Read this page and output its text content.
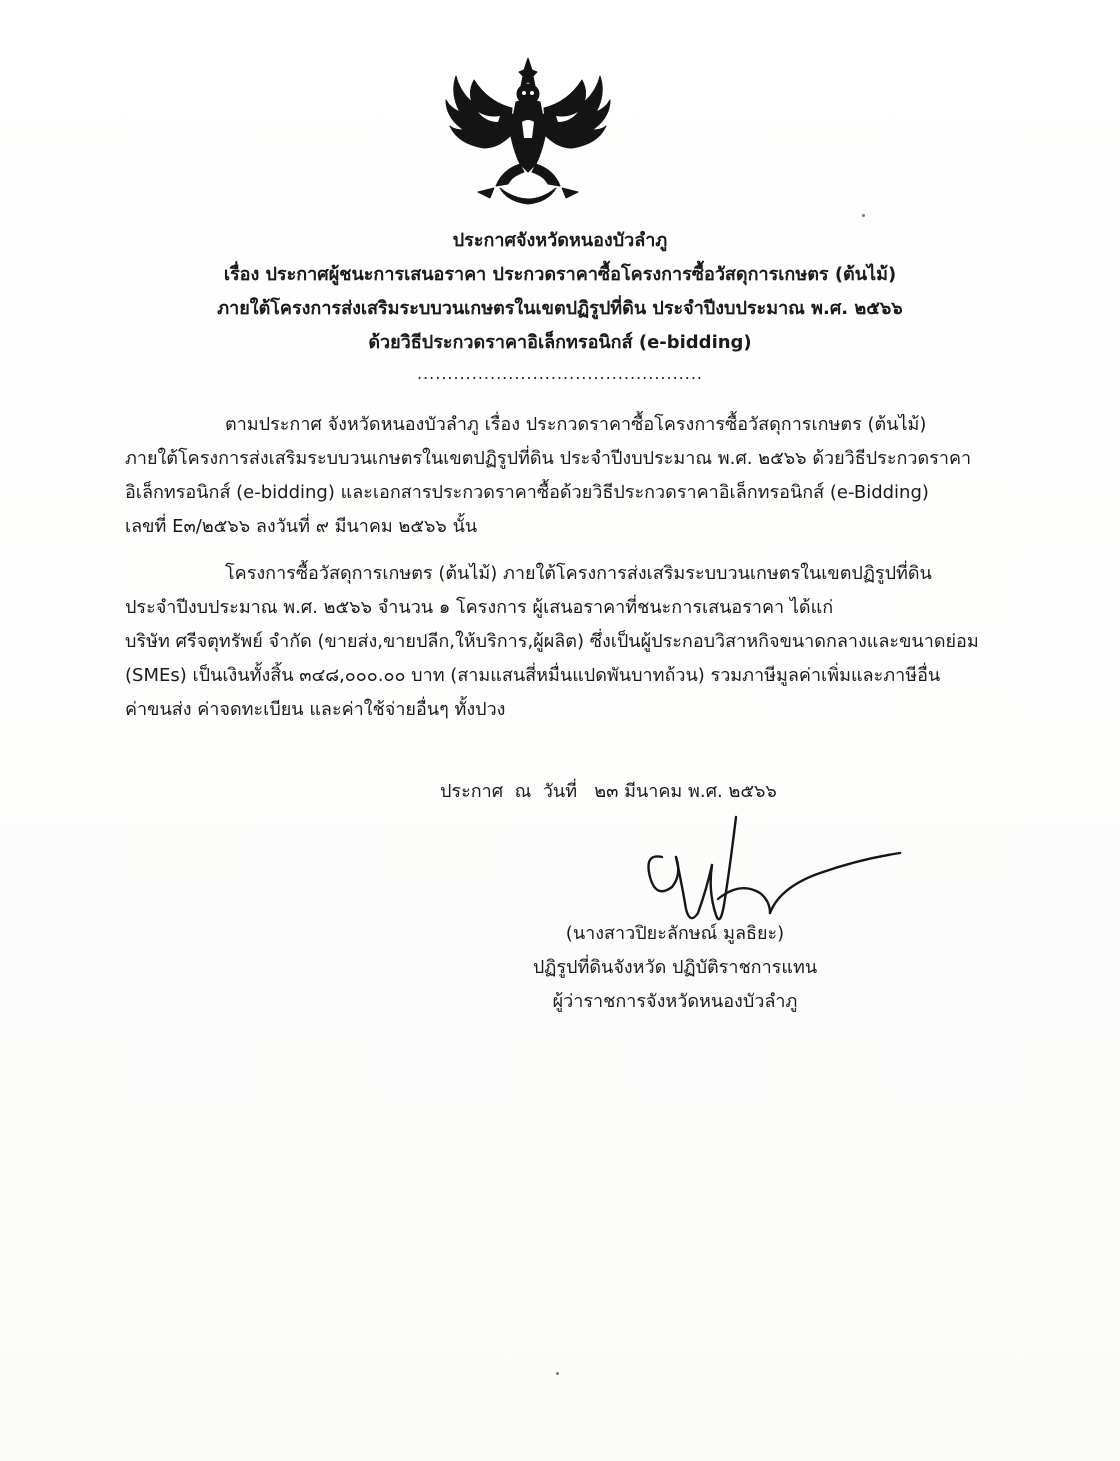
ประกาศจังหวัดหนองบัวลำภู
เรื่อง ประกาศผู้ชนะการเสนอราคา ประกวดราคาซื้อโครงการซื้อวัสดุการเกษตร (ต้นไม้)
ภายใต้โครงการส่งเสริมระบบวนเกษตรในเขตปฏิรูปที่ดิน ประจำปีงบประมาณ พ.ศ. ๒๕๖๖
ด้วยวิธีประกวดราคาอิเล็กทรอนิกส์ (e-bidding)
...............................................
ตามประกาศ จังหวัดหนองบัวลำภู เรื่อง ประกวดราคาซื้อโครงการซื้อวัสดุการเกษตร (ต้นไม้)
ภายใต้โครงการส่งเสริมระบบวนเกษตรในเขตปฏิรูปที่ดิน ประจำปีงบประมาณ พ.ศ. ๒๕๖๖ ด้วยวิธีประกวดราคา
อิเล็กทรอนิกส์ (e-bidding) และเอกสารประกวดราคาซื้อด้วยวิธีประกวดราคาอิเล็กทรอนิกส์ (e-Bidding)
เลขที่ E๓/๒๕๖๖ ลงวันที่ ๙ มีนาคม ๒๕๖๖ นั้น
โครงการซื้อวัสดุการเกษตร (ต้นไม้) ภายใต้โครงการส่งเสริมระบบวนเกษตรในเขตปฏิรูปที่ดิน
ประจำปีงบประมาณ พ.ศ. ๒๕๖๖ จำนวน ๑ โครงการ ผู้เสนอราคาที่ชนะการเสนอราคา ได้แก่
บริษัท ศรีจตุทรัพย์ จำกัด (ขายส่ง,ขายปลีก,ให้บริการ,ผู้ผลิต) ซึ่งเป็นผู้ประกอบวิสาหกิจขนาดกลางและขนาดย่อม
(SMEs) เป็นเงินทั้งสิ้น ๓๔๘,๐๐๐.๐๐ บาท (สามแสนสี่หมื่นแปดพันบาทถ้วน) รวมภาษีมูลค่าเพิ่มและภาษีอื่น
ค่าขนส่ง ค่าจดทะเบียน และค่าใช้จ่ายอื่นๆ ทั้งปวง
ประกาศ  ณ  วันที่   ๒๓ มีนาคม พ.ศ. ๒๕๖๖
(นางสาวปิยะลักษณ์ มูลธิยะ)
ปฏิรูปที่ดินจังหวัด ปฏิบัติราชการแทน
ผู้ว่าราชการจังหวัดหนองบัวลำภู
